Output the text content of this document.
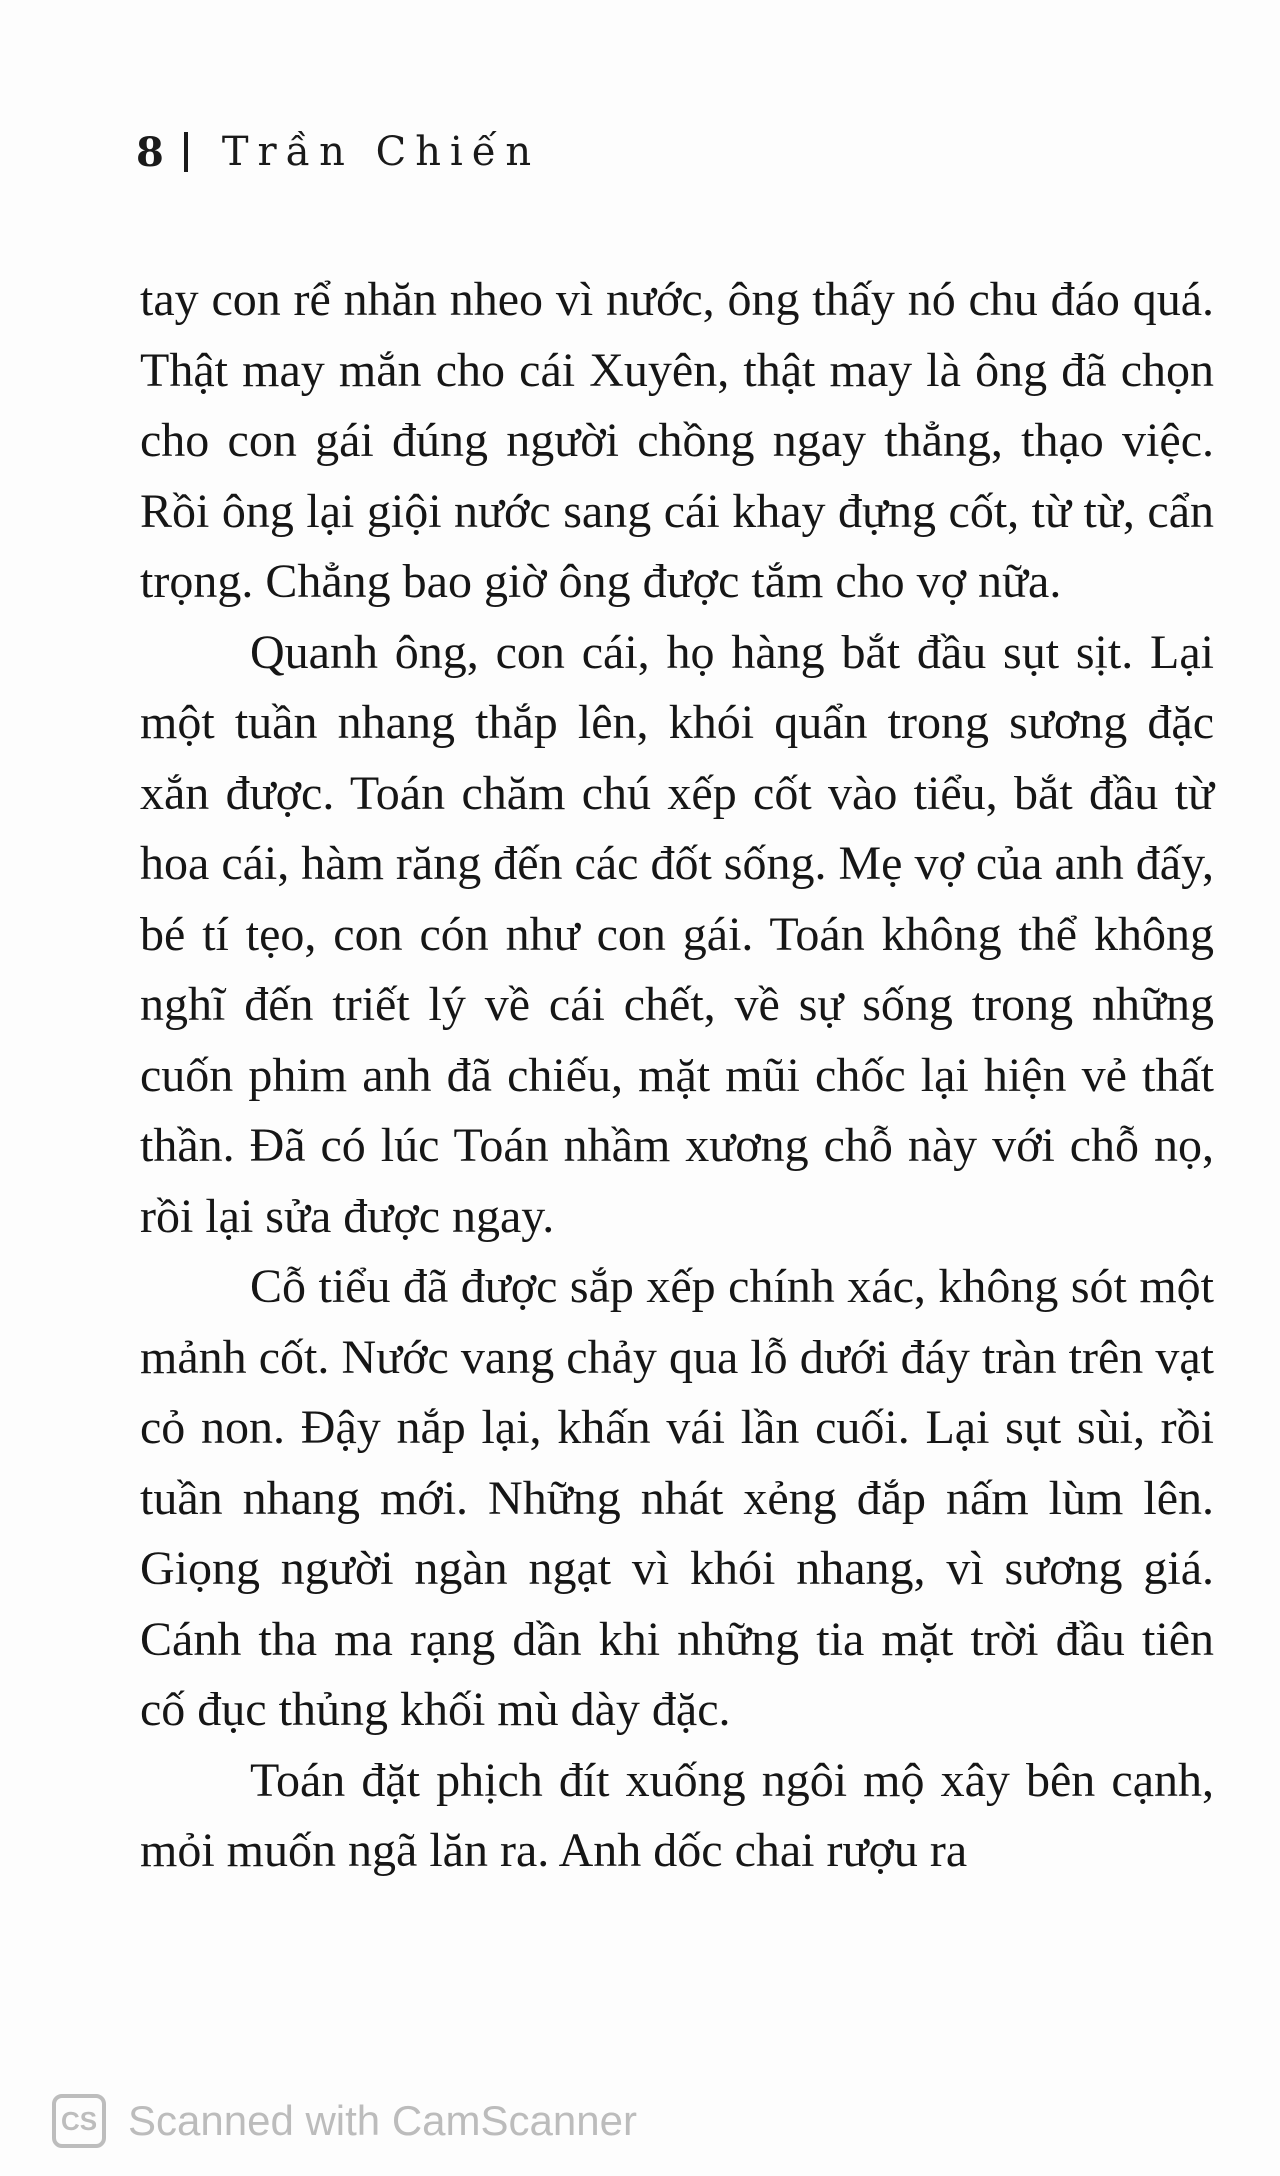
8 Trần Chiến

tay con rể nhăn nheo vì nước, ông thấy nó chu đáo quá. Thật may mắn cho cái Xuyên, thật may là ông đã chọn cho con gái đúng người chồng ngay thẳng, thạo việc. Rồi ông lại giội nước sang cái khay đựng cốt, từ từ, cẩn trọng. Chẳng bao giờ ông được tắm cho vợ nữa.

Quanh ông, con cái, họ hàng bắt đầu sụt sịt. Lại một tuần nhang thắp lên, khói quẩn trong sương đặc xắn được. Toán chăm chú xếp cốt vào tiểu, bắt đầu từ hoa cái, hàm răng đến các đốt sống. Mẹ vợ của anh đấy, bé tí tẹo, con cón như con gái. Toán không thể không nghĩ đến triết lý về cái chết, về sự sống trong những cuốn phim anh đã chiếu, mặt mũi chốc lại hiện vẻ thất thần. Đã có lúc Toán nhầm xương chỗ này với chỗ nọ, rồi lại sửa được ngay.

Cỗ tiểu đã được sắp xếp chính xác, không sót một mảnh cốt. Nước vang chảy qua lỗ dưới đáy tràn trên vạt cỏ non. Đậy nắp lại, khấn vái lần cuối. Lại sụt sùi, rồi tuần nhang mới. Những nhát xẻng đắp nấm lùm lên. Giọng người ngàn ngạt vì khói nhang, vì sương giá. Cánh tha ma rạng dần khi những tia mặt trời đầu tiên cố đục thủng khối mù dày đặc.

Toán đặt phịch đít xuống ngôi mộ xây bên cạnh, mỏi muốn ngã lăn ra. Anh dốc chai rượu ra

CS Scanned with CamScanner
